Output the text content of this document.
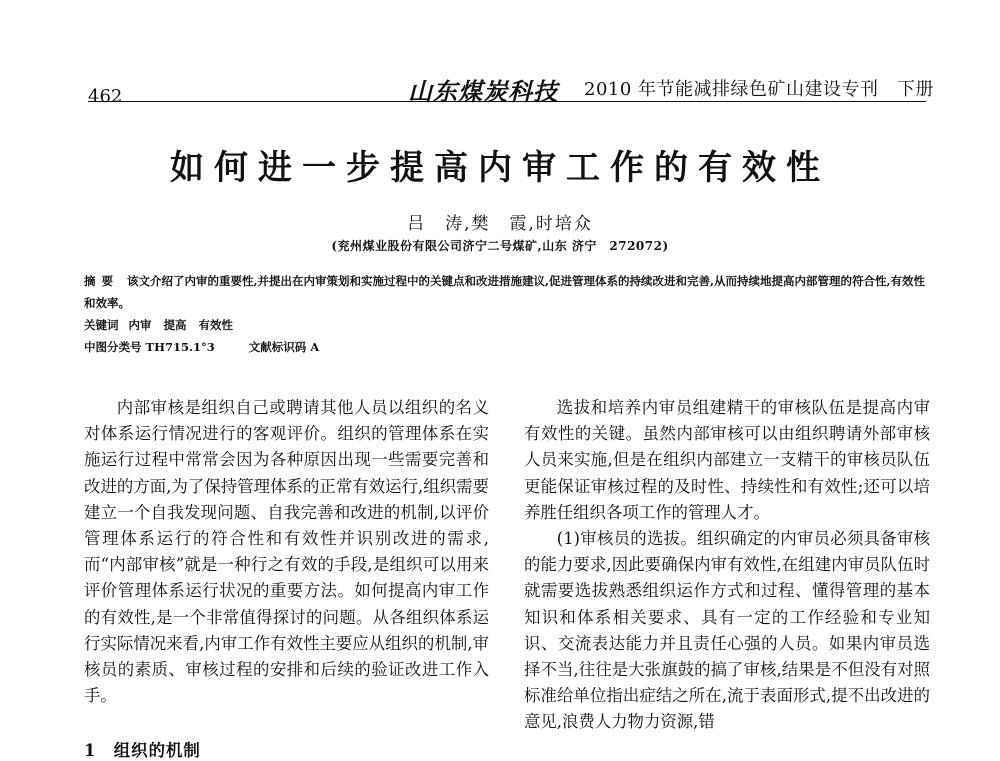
462	山东煤炭科技 2010 年节能减排绿色矿山建设专刊　下册
如何进一步提高内审工作的有效性
吕　涛,樊　霞,时培众
(兖州煤业股份有限公司济宁二号煤矿,山东 济宁　272072)
摘要 该文介绍了内审的重要性,并提出在内审策划和实施过程中的关键点和改进措施建议,促进管理体系的持续改进和完善,从而持续地提高内部管理的符合性,有效性和效率。
关键词 内审 提高 有效性
中图分类号 TH715.1°3	文献标识码 A

内部审核是组织自己或聘请其他人员以组织的名义对体系运行情况进行的客观评价。组织的管理体系在实施运行过程中常常会因为各种原因出现一些需要完善和改进的方面,为了保持管理体系的正常有效运行,组织需要建立一个自我发现问题、自我完善和改进的机制,以评价管理体系运行的符合性和有效性并识别改进的需求,而“内部审核”就是一种行之有效的手段,是组织可以用来评价管理体系运行状况的重要方法。如何提高内审工作的有效性,是一个非常值得探讨的问题。从各组织体系运行实际情况来看,内审工作有效性主要应从组织的机制,审核员的素质、审核过程的安排和后续的验证改进工作入手。

1　组织的机制

选拔和培养内审员组建精干的审核队伍是提高内审有效性的关键。虽然内部审核可以由组织聘请外部审核人员来实施,但是在组织内部建立一支精干的审核员队伍更能保证审核过程的及时性、持续性和有效性;还可以培养胜任组织各项工作的管理人才。

(1)审核员的选拔。组织确定的内审员必须具备审核的能力要求,因此要确保内审有效性,在组建内审员队伍时就需要选拔熟悉组织运作方式和过程、懂得管理的基本知识和体系相关要求、具有一定的工作经验和专业知识、交流表达能力并且责任心强的人员。如果内审员选择不当,往往是大张旗鼓的搞了审核,结果是不但没有对照标准给单位指出症结之所在,流于表面形式,提不出改进的意见,浪费人力物力资源,错
